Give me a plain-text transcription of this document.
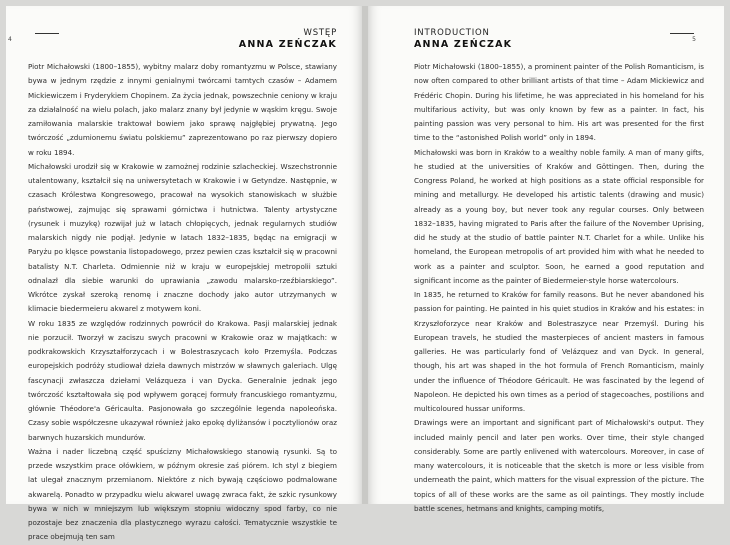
4
WSTĘP
ANNA ZEŃCZAK

Piotr Michałowski (1800–1855), wybitny malarz doby romantyzmu w Polsce, stawiany bywa w jednym rzędzie z innymi genialnymi twórcami tamtych czasów – Adamem Mickiewiczem i Fryderykiem Chopinem. Za życia jednak, powszechnie ceniony w kraju za działalność na wielu polach, jako malarz znany był jedynie w wąskim kręgu. Swoje zamiłowania malarskie traktował bowiem jako sprawę najgłębiej prywatną. Jego twórczość „zdumionemu światu polskiemu” zaprezentowano po raz pierwszy dopiero w roku 1894.

Michałowski urodził się w Krakowie w zamożnej rodzinie szlacheckiej. Wszechstronnie utalentowany, kształcił się na uniwersytetach w Krakowie i w Getyndze. Następnie, w czasach Królestwa Kongresowego, pracował na wysokich stanowiskach w służbie państwowej, zajmując się sprawami górnictwa i hutnictwa. Talenty artystyczne (rysunek i muzykę) rozwijał już w latach chłopięcych, jednak regularnych studiów malarskich nigdy nie podjął. Jedynie w latach 1832–1835, będąc na emigracji w Paryżu po klęsce powstania listopadowego, przez pewien czas kształcił się w pracowni batalisty N.T. Charleta. Odmiennie niż w kraju w europejskiej metropolii sztuki odnalazł dla siebie warunki do uprawiania „zawodu malarsko-rzeźbiarskiego”. Wkrótce zyskał szeroką renomę i znaczne dochody jako autor utrzymanych w klimacie biedermeieru akwarel z motywem koni.

W roku 1835 ze względów rodzinnych powrócił do Krakowa. Pasji malarskiej jednak nie porzucił. Tworzył w zaciszu swych pracowni w Krakowie oraz w majątkach: w podkrakowskich Krzyształforzycach i w Bolestraszycach koło Przemyśla. Podczas europejskich podróży studiował dzieła dawnych mistrzów w sławnych galeriach. Ulgę fascynacji zwłaszcza dziełami Velázqueza i van Dycka. Generalnie jednak jego twórczość kształtowała się pod wpływem gorącej formuły francuskiego romantyzmu, głównie Théodore'a Géricaulta. Pasjonowała go szczególnie legenda napoleońska. Czasy sobie współczesne ukazywał również jako epokę dyliżansów i pocztylionów oraz barwnych huzarskich mundurów.

Ważna i nader liczebną część spuścizny Michałowskiego stanowią rysunki. Są to przede wszystkim prace ołówkiem, w późnym okresie zaś piórem. Ich styl z biegiem lat ulegał znacznym przemianom. Niektóre z nich bywają częściowo podmalowane akwarelą. Ponadto w przypadku wielu akwarel uwagę zwraca fakt, że szkic rysunkowy bywa w nich w mniejszym lub większym stopniu widoczny spod farby, co nie pozostaje bez znaczenia dla plastycznego wyrazu całości. Tematycznie wszystkie te prace obejmują ten sam

INTRODUCTION
ANNA ZEŃCZAK	5

Piotr Michałowski (1800–1855), a prominent painter of the Polish Romanticism, is now often compared to other brilliant artists of that time – Adam Mickiewicz and Frédéric Chopin. During his lifetime, he was appreciated in his homeland for his multifarious activity, but was only known by few as a painter. In fact, his painting passion was very personal to him. His art was presented for the first time to the “astonished Polish world” only in 1894.

Michałowski was born in Kraków to a wealthy noble family. A man of many gifts, he studied at the universities of Kraków and Göttingen. Then, during the Congress Poland, he worked at high positions as a state official responsible for mining and metallurgy. He developed his artistic talents (drawing and music) already as a young boy, but never took any regular courses. Only between 1832–1835, having migrated to Paris after the failure of the November Uprising, did he study at the studio of battle painter N.T. Charlet for a while. Unlike his homeland, the European metropolis of art provided him with what he needed to work as a painter and sculptor. Soon, he earned a good reputation and significant income as the painter of Biedermeier-style horse watercolours.

In 1835, he returned to Kraków for family reasons. But he never abandoned his passion for painting. He painted in his quiet studios in Kraków and his estates: in Krzyszłoforzyce near Kraków and Bolestraszyce near Przemyśl. During his European travels, he studied the masterpieces of ancient masters in famous galleries. He was particularly fond of Velázquez and van Dyck. In general, though, his art was shaped in the hot formula of French Romanticism, mainly under the influence of Théodore Géricault. He was fascinated by the legend of Napoleon. He depicted his own times as a period of stagecoaches, postilions and multicoloured hussar uniforms.

Drawings were an important and significant part of Michałowski's output. They included mainly pencil and later pen works. Over time, their style changed considerably. Some are partly enlivened with watercolours. Moreover, in case of many watercolours, it is noticeable that the sketch is more or less visible from underneath the paint, which matters for the visual expression of the picture. The topics of all of these works are the same as oil paintings. They mostly include battle scenes, hetmans and knights, camping motifs,
